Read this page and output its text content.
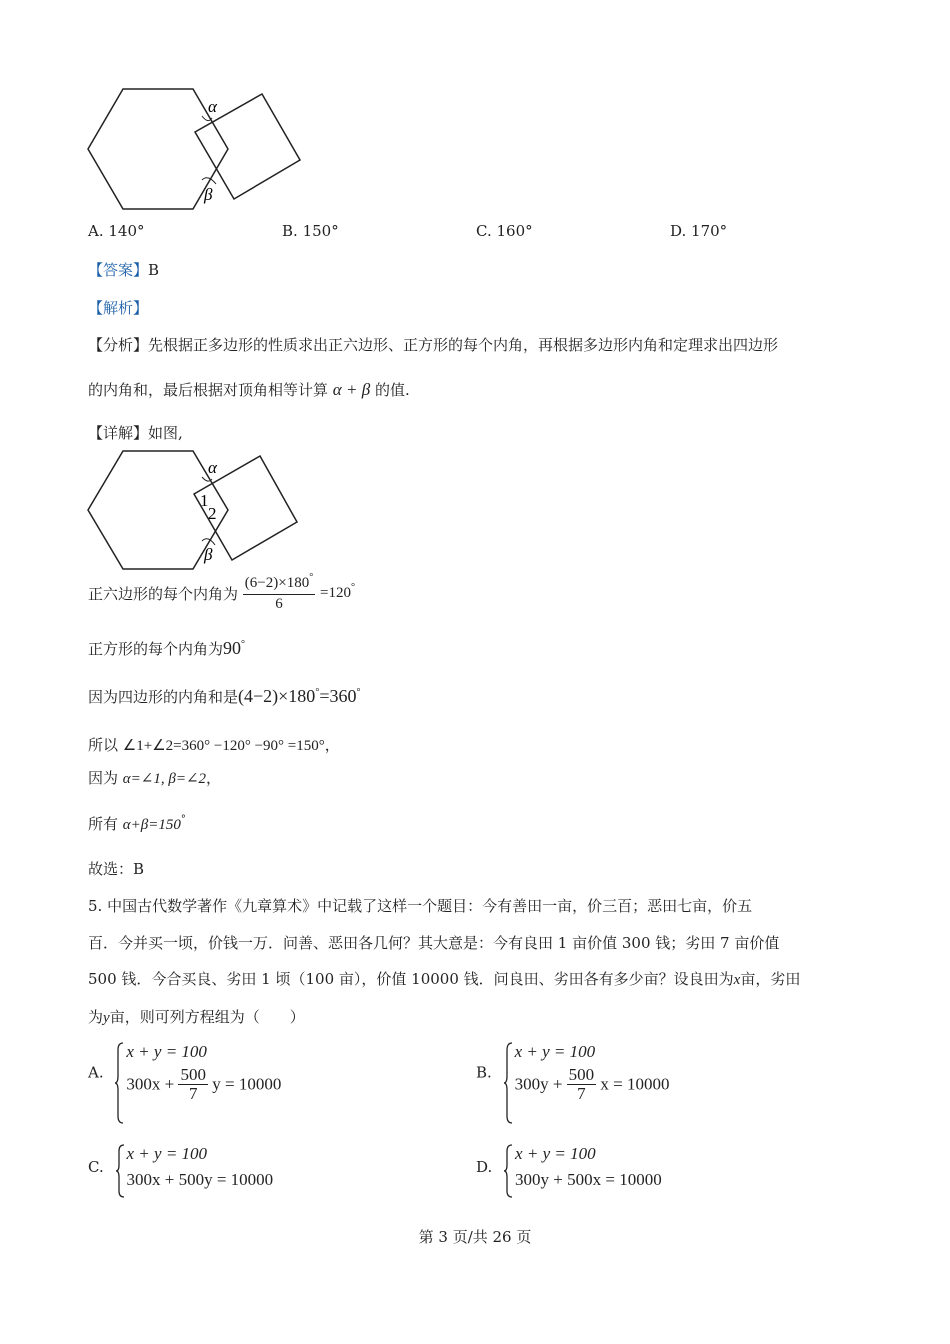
α
β
A. 140°	B. 150°	C. 160°	D. 170°
【答案】B
【解析】
【分析】先根据正多边形的性质求出正六边形、正方形的每个内角，再根据多边形内角和定理求出四边形
的内角和，最后根据对顶角相等计算 α + β 的值.
【详解】如图,
α
1
2
β
正六边形的每个内角为 $\frac{(6-2)\times 180^\circ}{6} =120^\circ$
正方形的每个内角为90°
因为四边形的内角和是(4−2)×180°=360°
所以 ∠1+∠2=360° −120° −90° =150°，
因为 α=∠1, β=∠2，
所有 α+β=150°
故选：B
5. 中国古代数学著作《九章算术》中记载了这样一个题目：今有善田一亩，价三百；恶田七亩，价五
百．今并买一顷，价钱一万．问善、恶田各几何？其大意是：今有良田 1 亩价值 300 钱；劣田 7 亩价值
500 钱．今合买良、劣田 1 顷（100 亩），价值 10000 钱．问良田、劣田各有多少亩？设良田为x亩，劣田
为y亩，则可列方程组为（　　）
A.
x + y = 100
$300x + \frac{500}{7}$ y = 10000
B.
x + y = 100
$300y + \frac{500}{7}$ x = 10000
C.
x + y = 100
300x + 500y = 10000
D.
x + y = 100
300y + 500x = 10000
第 3 页/共 26 页
